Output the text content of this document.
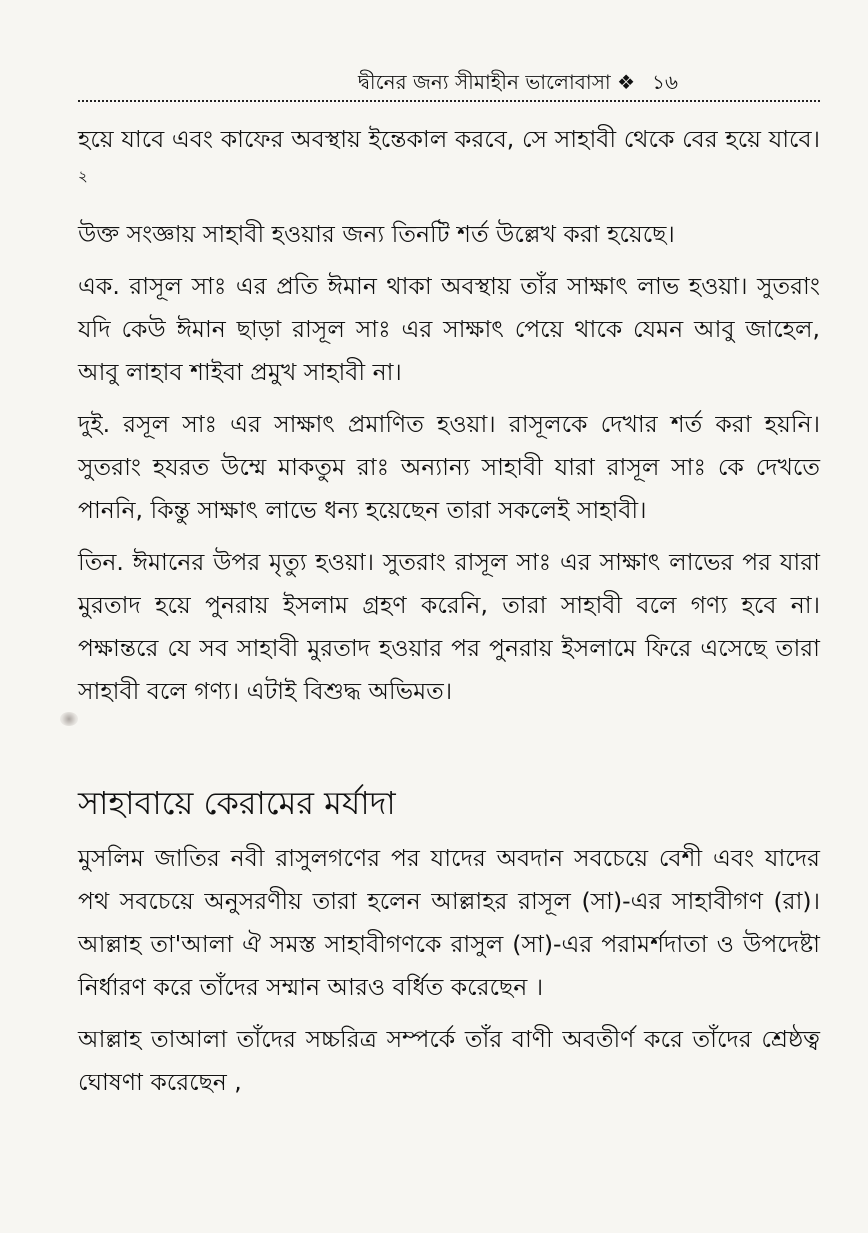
দ্বীনের জন্য সীমাহীন ভালোবাসা ❖ ১৬

হয়ে যাবে এবং কাফের অবস্থায় ইন্তেকাল করবে, সে সাহাবী থেকে বের হয়ে যাবে।$^২$

উক্ত সংজ্ঞায় সাহাবী হওয়ার জন্য তিনটি শর্ত উল্লেখ করা হয়েছে।

এক. রাসূল সাঃ এর প্রতি ঈমান থাকা অবস্থায় তাঁর সাক্ষাৎ লাভ হওয়া। সুতরাং যদি কেউ ঈমান ছাড়া রাসূল সাঃ এর সাক্ষাৎ পেয়ে থাকে যেমন আবু জাহেল, আবু লাহাব শাইবা প্রমুখ সাহাবী না।

দুই. রসূল সাঃ এর সাক্ষাৎ প্রমাণিত হওয়া। রাসূলকে দেখার শর্ত করা হয়নি। সুতরাং হযরত উম্মে মাকতুম রাঃ অন্যান্য সাহাবী যারা রাসূল সাঃ কে দেখতে পাননি, কিন্তু সাক্ষাৎ লাভে ধন্য হয়েছেন তারা সকলেই সাহাবী।

তিন. ঈমানের উপর মৃত্যু হওয়া। সুতরাং রাসূল সাঃ এর সাক্ষাৎ লাভের পর যারা মুরতাদ হয়ে পুনরায় ইসলাম গ্রহণ করেনি, তারা সাহাবী বলে গণ্য হবে না। পক্ষান্তরে যে সব সাহাবী মুরতাদ হওয়ার পর পুনরায় ইসলামে ফিরে এসেছে তারা সাহাবী বলে গণ্য। এটাই বিশুদ্ধ অভিমত।

সাহাবায়ে কেরামের মর্যাদা

মুসলিম জাতির নবী রাসুলগণের পর যাদের অবদান সবচেয়ে বেশী এবং যাদের পথ সবচেয়ে অনুসরণীয় তারা হলেন আল্লাহর রাসূল (সা)-এর সাহাবীগণ (রা)। আল্লাহ তা'আলা ঐ সমস্ত সাহাবীগণকে রাসুল (সা)-এর পরামর্শদাতা ও উপদেষ্টা নির্ধারণ করে তাঁদের সম্মান আরও বর্ধিত করেছেন ।

আল্লাহ তাআলা তাঁদের সচ্চরিত্র সম্পর্কে তাঁর বাণী অবতীর্ণ করে তাঁদের শ্রেষ্ঠত্ব ঘোষণা করেছেন ,
